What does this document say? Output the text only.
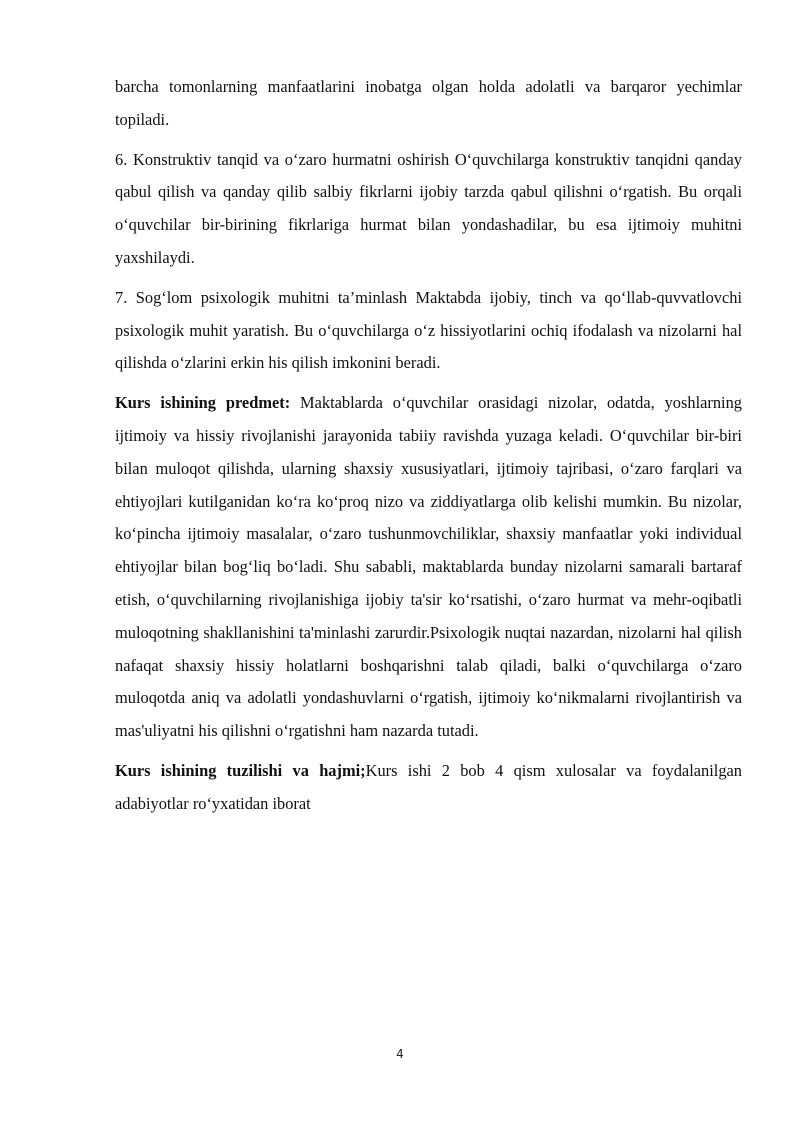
barcha tomonlarning manfaatlarini inobatga olgan holda adolatli va barqaror yechimlar topiladi.

6. Konstruktiv tanqid va o‘zaro hurmatni oshirish O‘quvchilarga konstruktiv tanqidni qanday qabul qilish va qanday qilib salbiy fikrlarni ijobiy tarzda qabul qilishni o‘rgatish. Bu orqali o‘quvchilar bir-birining fikrlariga hurmat bilan yondashadilar, bu esa ijtimoiy muhitni yaxshilaydi.

7. Sog‘lom psixologik muhitni ta’minlash Maktabda ijobiy, tinch va qo‘llab-quvvatlovchi psixologik muhit yaratish. Bu o‘quvchilarga o‘z hissiyotlarini ochiq ifodalash va nizolarni hal qilishda o‘zlarini erkin his qilish imkonini beradi.

Kurs ishining predmet: Maktablarda o‘quvchilar orasidagi nizolar, odatda, yoshlarning ijtimoiy va hissiy rivojlanishi jarayonida tabiiy ravishda yuzaga keladi. O‘quvchilar bir-biri bilan muloqot qilishda, ularning shaxsiy xususiyatlari, ijtimoiy tajribasi, o‘zaro farqlari va ehtiyojlari kutilganidan ko‘ra ko‘proq nizo va ziddiyatlarga olib kelishi mumkin. Bu nizolar, ko‘pincha ijtimoiy masalalar, o‘zaro tushunmovchiliklar, shaxsiy manfaatlar yoki individual ehtiyojlar bilan bog‘liq bo‘ladi. Shu sababli, maktablarda bunday nizolarni samarali bartaraf etish, o‘quvchilarning rivojlanishiga ijobiy ta'sir ko‘rsatishi, o‘zaro hurmat va mehr-oqibatli muloqotning shakllanishini ta'minlashi zarurdir.Psixologik nuqtai nazardan, nizolarni hal qilish nafaqat shaxsiy hissiy holatlarni boshqarishni talab qiladi, balki o‘quvchilarga o‘zaro muloqotda aniq va adolatli yondashuvlarni o‘rgatish, ijtimoiy ko‘nikmalarni rivojlantirish va mas'uliyatni his qilishni o‘rgatishni ham nazarda tutadi.

Kurs ishining tuzilishi va hajmi;Kurs ishi 2 bob 4 qism xulosalar va foydalanilgan adabiyotlar ro‘yxatidan iborat

4
